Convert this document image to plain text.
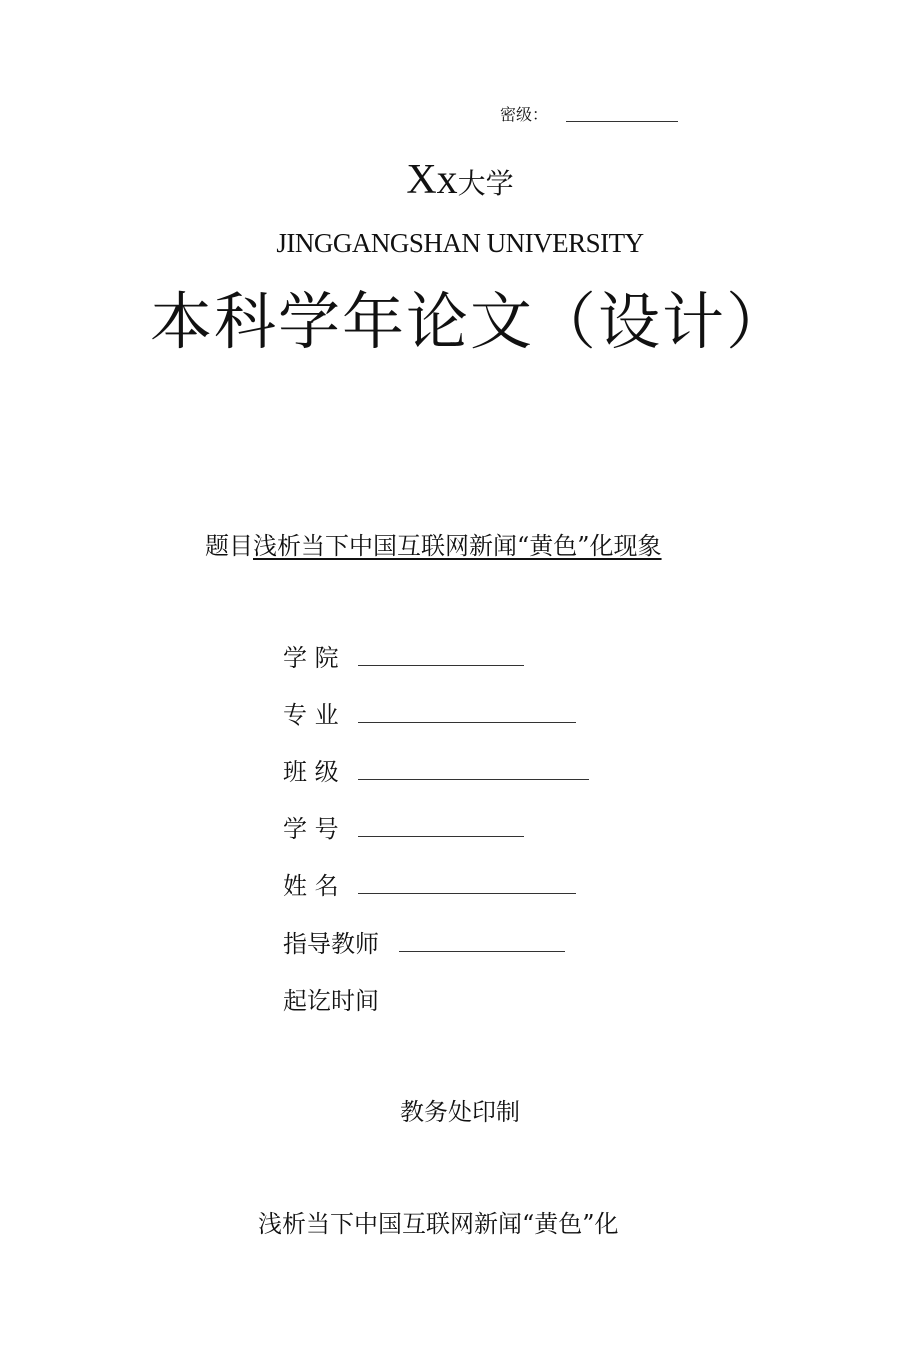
密级：
Xx大学
JINGGANGSHAN UNIVERSITY
本科学年论文（设计）
题目浅析当下中国互联网新闻“黄色”化现象
学 院
专 业
班 级
学 号
姓 名
指导教师
起讫时间
教务处印制
浅析当下中国互联网新闻“黄色”化
